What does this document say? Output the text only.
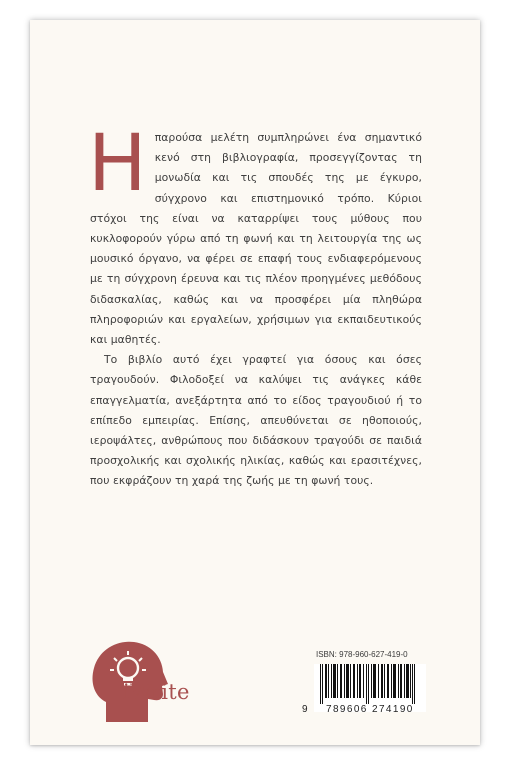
Ηπαρούσα μελέτη συμπληρώνει ένα σημαντικό κενό στη βιβλιογραφία, προσεγγίζοντας τη μονωδία και τις σπουδές της με έγκυρο, σύγχρονο και επιστημονικό τρόπο. Κύριοι στόχοι της είναι να καταρρίψει τους μύθους που κυκλοφορούν γύρω από τη φωνή και τη λειτουργία της ως μουσικό όργανο, να φέρει σε επαφή τους ενδιαφερόμενους με τη σύγχρονη έρευνα και τις πλέον προηγμένες μεθόδους διδασκαλίας, καθώς και να προσφέρει μία πληθώρα πληροφοριών και εργαλείων, χρήσιμων για εκπαιδευτικούς και μαθητές.

Το βιβλίο αυτό έχει γραφτεί για όσους και όσες τραγουδούν. Φιλοδοξεί να καλύψει τις ανάγκες κάθε επαγγελματία, ανεξάρτητα από το είδος τραγουδιού ή το επίπεδο εμπειρίας. Επίσης, απευθύνεται σε ηθοποιούς, ιεροψάλτες, ανθρώπους που διδάσκουν τραγούδι σε παιδιά προσχολικής και σχολικής ηλικίας, καθώς και ερασιτέχνες, που εκφράζουν τη χαρά της ζωής με τη φωνή τους.

iWrite
ISBN: 978-960-627-419-0
9 789606 274190
